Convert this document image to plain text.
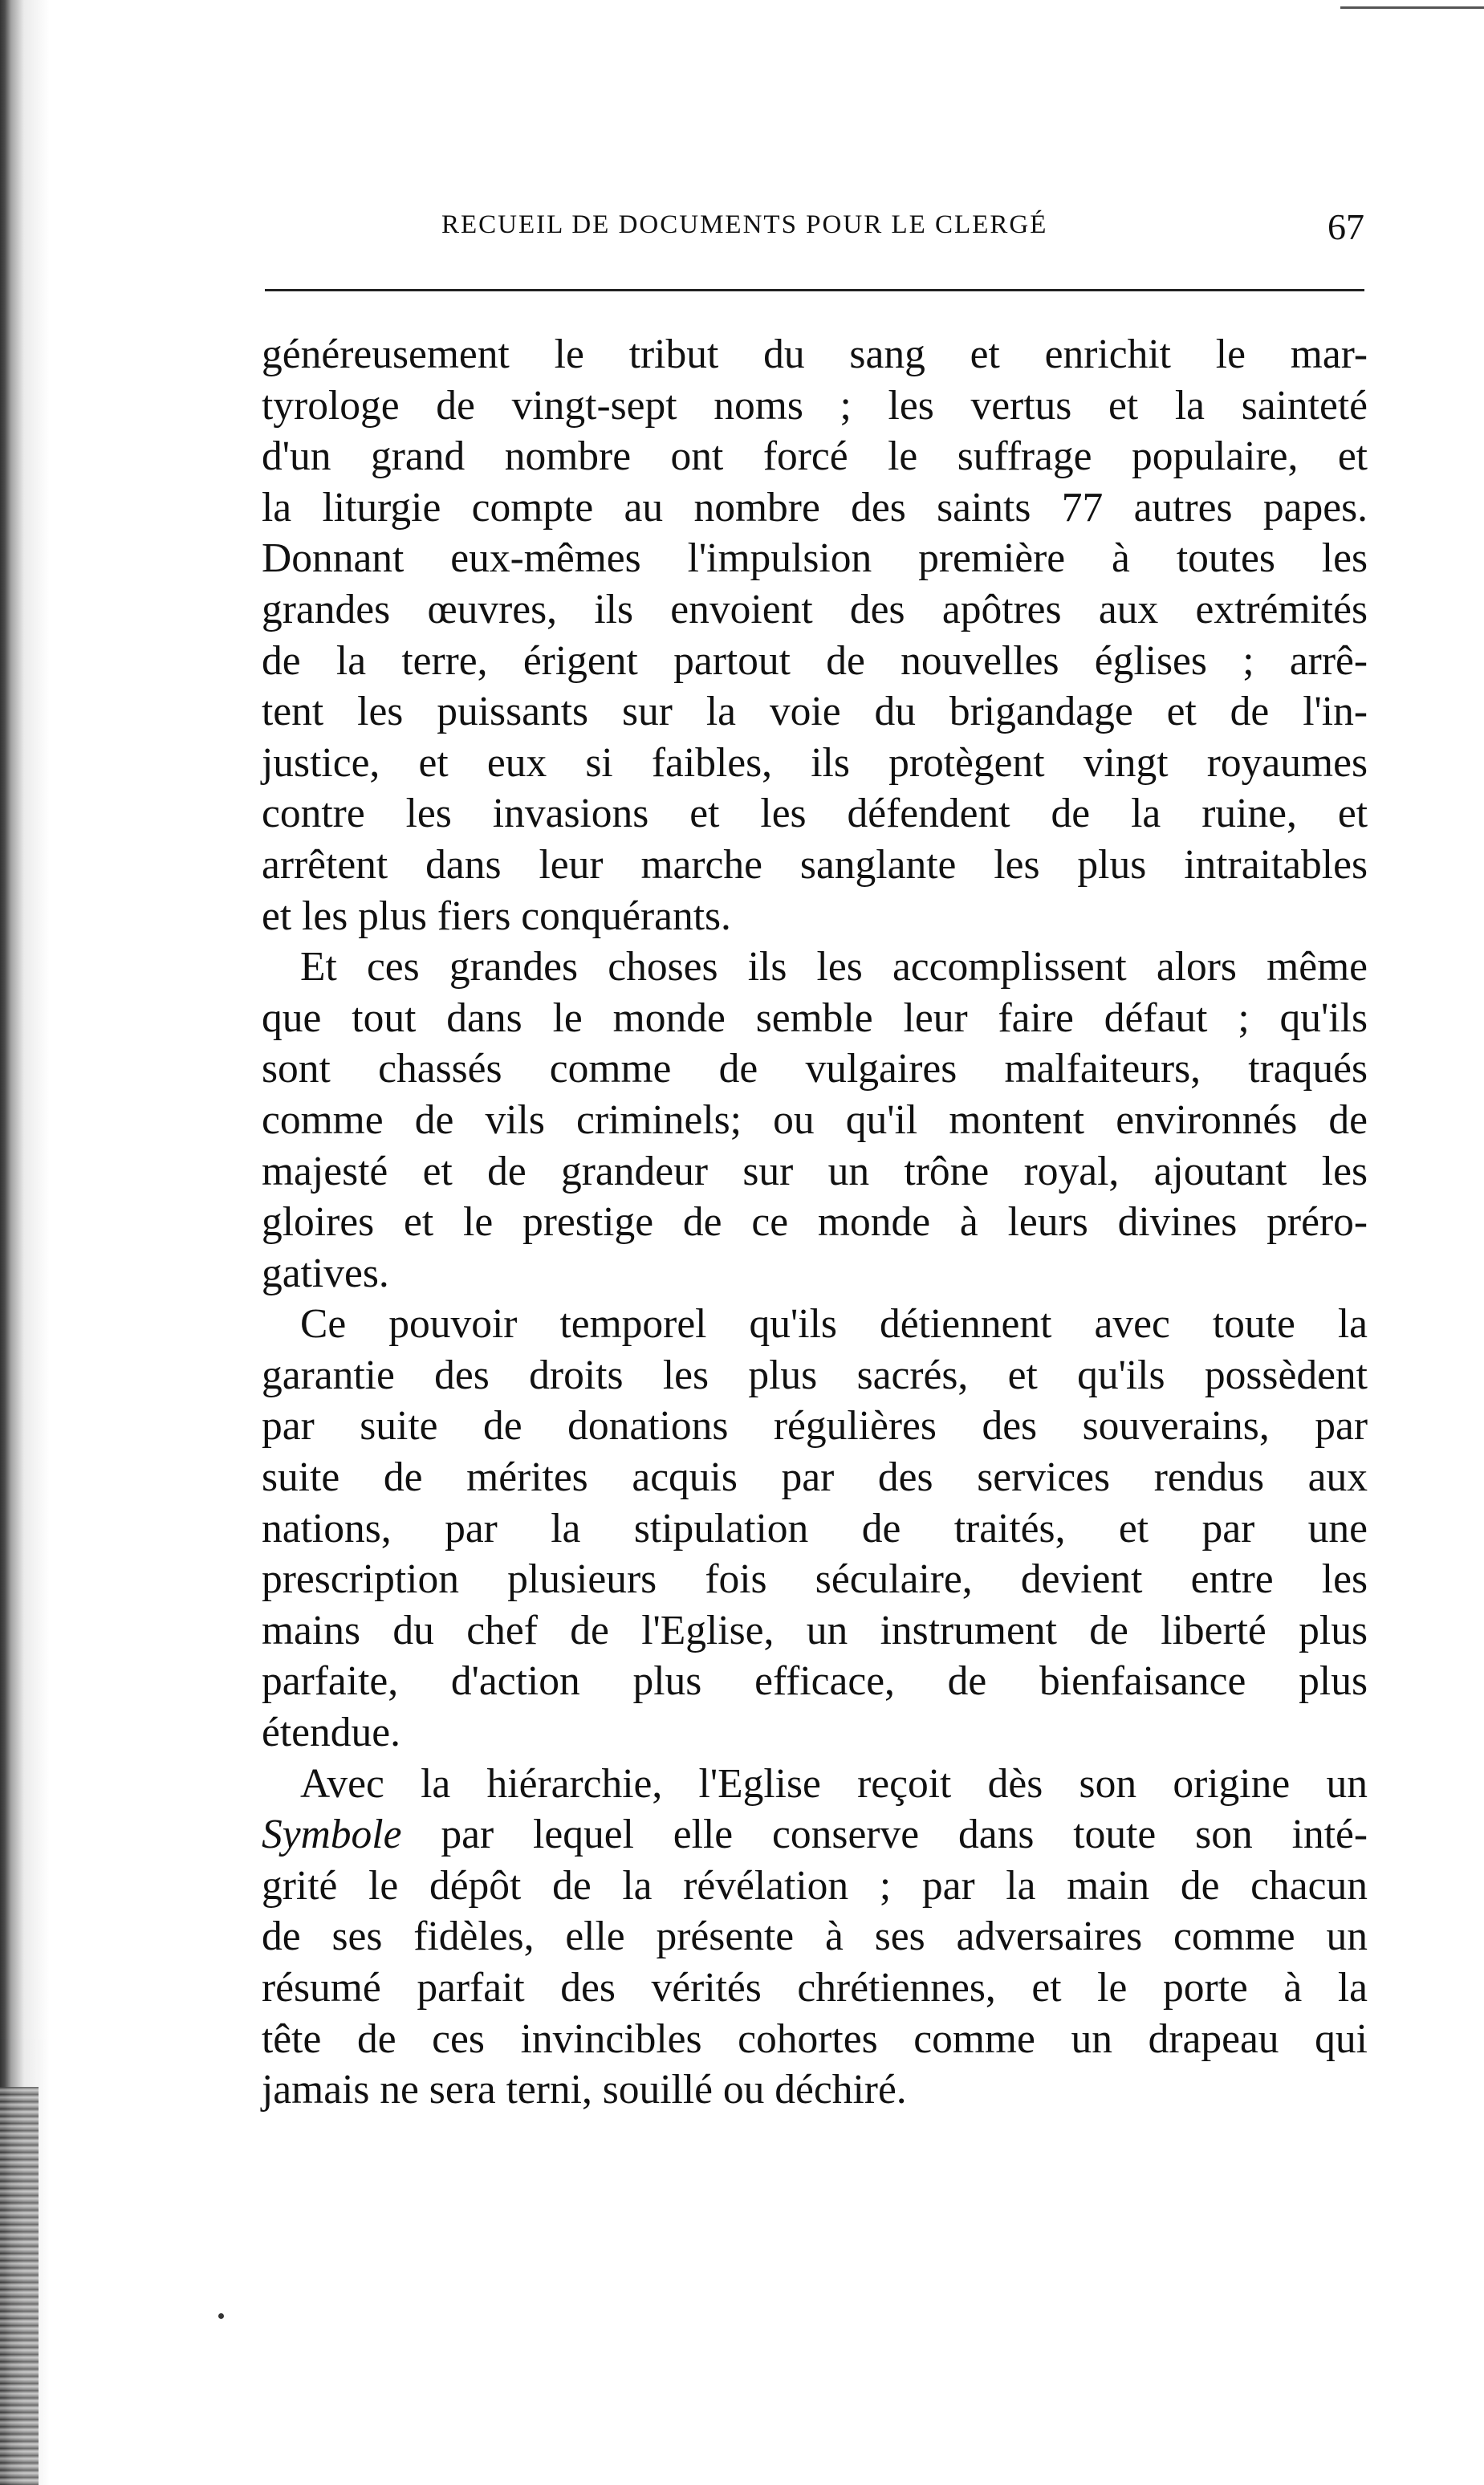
RECUEIL DE DOCUMENTS POUR LE CLERGÉ	67
généreusement le tribut du sang et enrichit le mar-
tyrologe de vingt-sept noms ; les vertus et la sainteté
d'un grand nombre ont forcé le suffrage populaire, et
la liturgie compte au nombre des saints 77 autres papes.
Donnant eux-mêmes l'impulsion première à toutes les
grandes œuvres, ils envoient des apôtres aux extrémités
de la terre, érigent partout de nouvelles églises ; arrê-
tent les puissants sur la voie du brigandage et de l'in-
justice, et eux si faibles, ils protègent vingt royaumes
contre les invasions et les défendent de la ruine, et
arrêtent dans leur marche sanglante les plus intraitables
et les plus fiers conquérants.
Et ces grandes choses ils les accomplissent alors même
que tout dans le monde semble leur faire défaut ; qu'ils
sont chassés comme de vulgaires malfaiteurs, traqués
comme de vils criminels; ou qu'il montent environnés de
majesté et de grandeur sur un trône royal, ajoutant les
gloires et le prestige de ce monde à leurs divines préro-
gatives.
Ce pouvoir temporel qu'ils détiennent avec toute la
garantie des droits les plus sacrés, et qu'ils possèdent
par suite de donations régulières des souverains, par
suite de mérites acquis par des services rendus aux
nations, par la stipulation de traités, et par une
prescription plusieurs fois séculaire, devient entre les
mains du chef de l'Eglise, un instrument de liberté plus
parfaite, d'action plus efficace, de bienfaisance plus
étendue.
Avec la hiérarchie, l'Eglise reçoit dès son origine un
Symbole par lequel elle conserve dans toute son inté-
grité le dépôt de la révélation ; par la main de chacun
de ses fidèles, elle présente à ses adversaires comme un
résumé parfait des vérités chrétiennes, et le porte à la
tête de ces invincibles cohortes comme un drapeau qui
jamais ne sera terni, souillé ou déchiré.
